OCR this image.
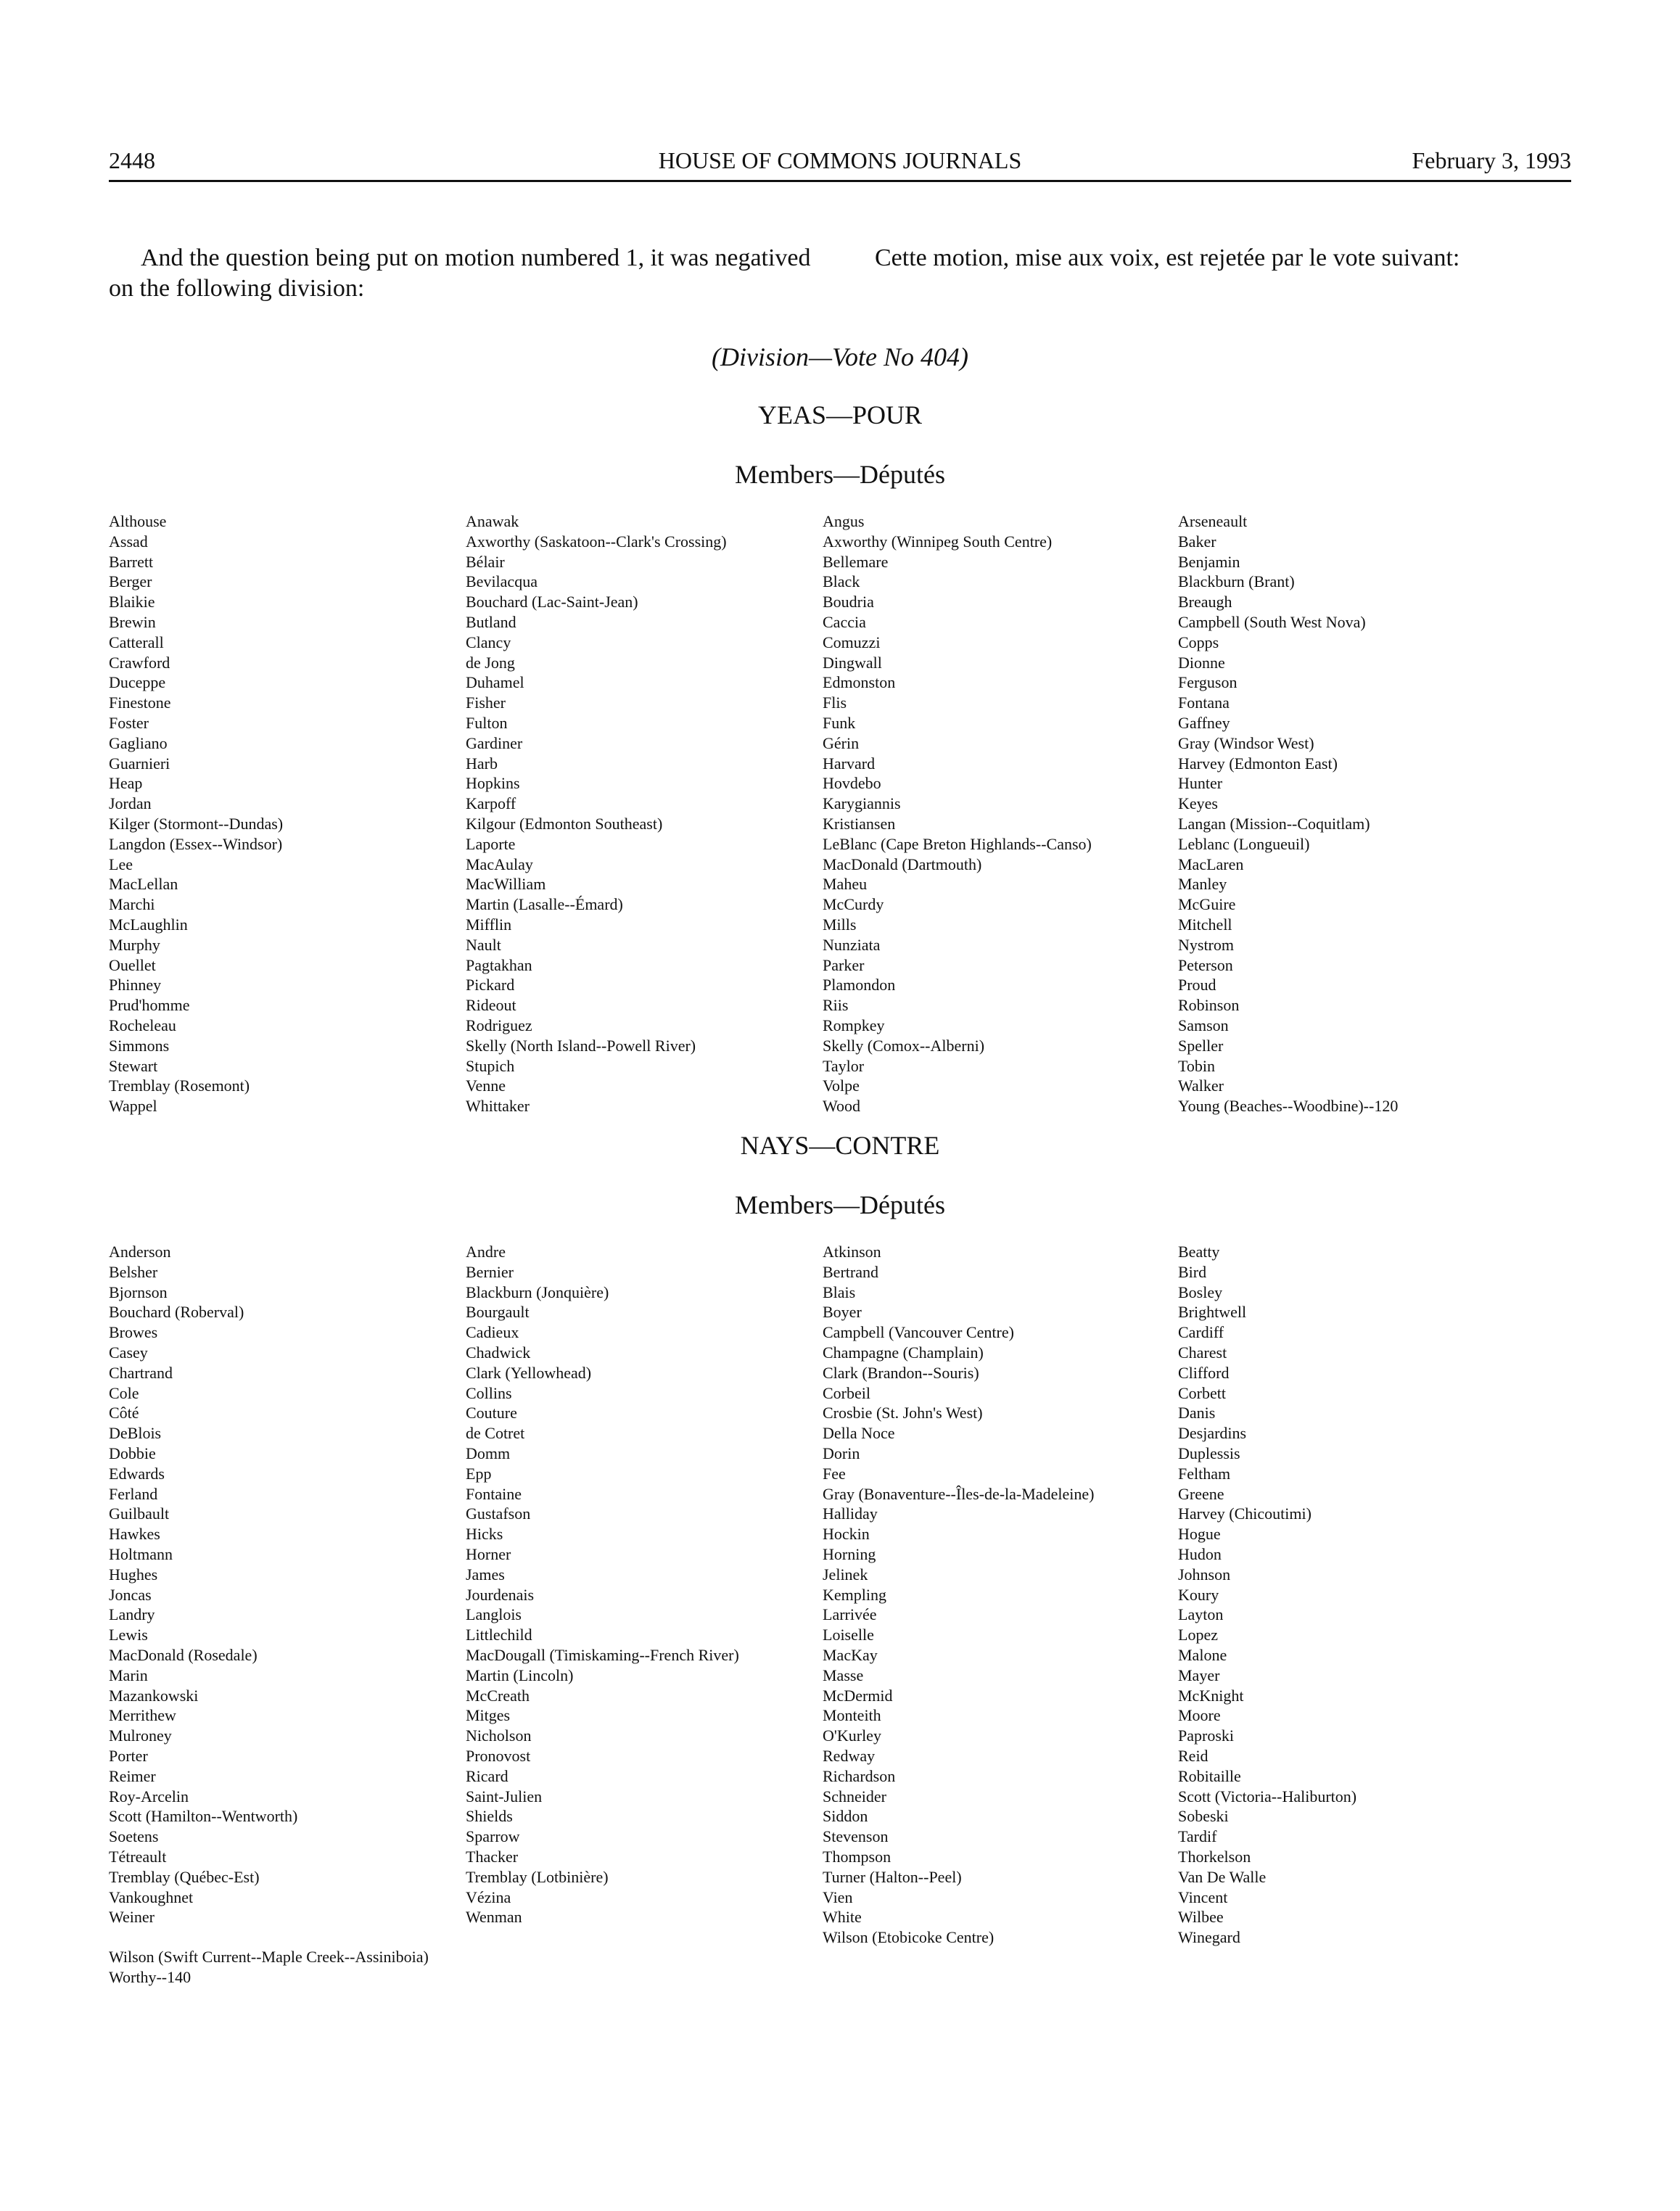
2448	HOUSE OF COMMONS JOURNALS	February 3, 1993
And the question being put on motion numbered 1, it was negatived on the following division:
Cette motion, mise aux voix, est rejetée par le vote suivant:
(Division—Vote No 404)
YEAS—POUR
Members—Députés
Althouse
Assad
Barrett
Berger
Blaikie
Brewin
Catterall
Crawford
Duceppe
Finestone
Foster
Gagliano
Guarnieri
Heap
Jordan
Kilger (Stormont--Dundas)
Langdon (Essex--Windsor)
Lee
MacLellan
Marchi
McLaughlin
Murphy
Ouellet
Phinney
Prud'homme
Rocheleau
Simmons
Stewart
Tremblay (Rosemont)
Wappel
Anawak
Axworthy (Saskatoon--Clark's Crossing)
Bélair
Bevilacqua
Bouchard (Lac-Saint-Jean)
Butland
Clancy
de Jong
Duhamel
Fisher
Fulton
Gardiner
Harb
Hopkins
Karpoff
Kilgour (Edmonton Southeast)
Laporte
MacAulay
MacWilliam
Martin (Lasalle--Émard)
Mifflin
Nault
Pagtakhan
Pickard
Rideout
Rodriguez
Skelly (North Island--Powell River)
Stupich
Venne
Whittaker
Angus
Axworthy (Winnipeg South Centre)
Bellemare
Black
Boudria
Caccia
Comuzzi
Dingwall
Edmonston
Flis
Funk
Gérin
Harvard
Hovdebo
Karygiannis
Kristiansen
LeBlanc (Cape Breton Highlands--Canso)
MacDonald (Dartmouth)
Maheu
McCurdy
Mills
Nunziata
Parker
Plamondon
Riis
Rompkey
Skelly (Comox--Alberni)
Taylor
Volpe
Wood
Arseneault
Baker
Benjamin
Blackburn (Brant)
Breaugh
Campbell (South West Nova)
Copps
Dionne
Ferguson
Fontana
Gaffney
Gray (Windsor West)
Harvey (Edmonton East)
Hunter
Keyes
Langan (Mission--Coquitlam)
Leblanc (Longueuil)
MacLaren
Manley
McGuire
Mitchell
Nystrom
Peterson
Proud
Robinson
Samson
Speller
Tobin
Walker
Young (Beaches--Woodbine)--120
NAYS—CONTRE
Members—Députés
Anderson
Belsher
Bjornson
Bouchard (Roberval)
Browes
Casey
Chartrand
Cole
Côté
DeBlois
Dobbie
Edwards
Ferland
Guilbault
Hawkes
Holtmann
Hughes
Joncas
Landry
Lewis
MacDonald (Rosedale)
Marin
Mazankowski
Merrithew
Mulroney
Porter
Reimer
Roy-Arcelin
Scott (Hamilton--Wentworth)
Soetens
Tétreault
Tremblay (Québec-Est)
Vankoughnet
Weiner
Andre
Bernier
Blackburn (Jonquière)
Bourgault
Cadieux
Chadwick
Clark (Yellowhead)
Collins
Couture
de Cotret
Domm
Epp
Fontaine
Gustafson
Hicks
Horner
James
Jourdenais
Langlois
Littlechild
MacDougall (Timiskaming--French River)
Martin (Lincoln)
McCreath
Mitges
Nicholson
Pronovost
Ricard
Saint-Julien
Shields
Sparrow
Thacker
Tremblay (Lotbinière)
Vézina
Wenman
Atkinson
Bertrand
Blais
Boyer
Campbell (Vancouver Centre)
Champagne (Champlain)
Clark (Brandon--Souris)
Corbeil
Crosbie (St. John's West)
Della Noce
Dorin
Fee
Gray (Bonaventure--Îles-de-la-Madeleine)
Halliday
Hockin
Horning
Jelinek
Kempling
Larrivée
Loiselle
MacKay
Masse
McDermid
Monteith
O'Kurley
Redway
Richardson
Schneider
Siddon
Stevenson
Thompson
Turner (Halton--Peel)
Vien
White
Wilson (Etobicoke Centre)
Beatty
Bird
Bosley
Brightwell
Cardiff
Charest
Clifford
Corbett
Danis
Desjardins
Duplessis
Feltham
Greene
Harvey (Chicoutimi)
Hogue
Hudon
Johnson
Koury
Layton
Lopez
Malone
Mayer
McKnight
Moore
Paproski
Reid
Robitaille
Scott (Victoria--Haliburton)
Sobeski
Tardif
Thorkelson
Van De Walle
Vincent
Wilbee
Winegard
Wilson (Swift Current--Maple Creek--Assiniboia)
Worthy--140
